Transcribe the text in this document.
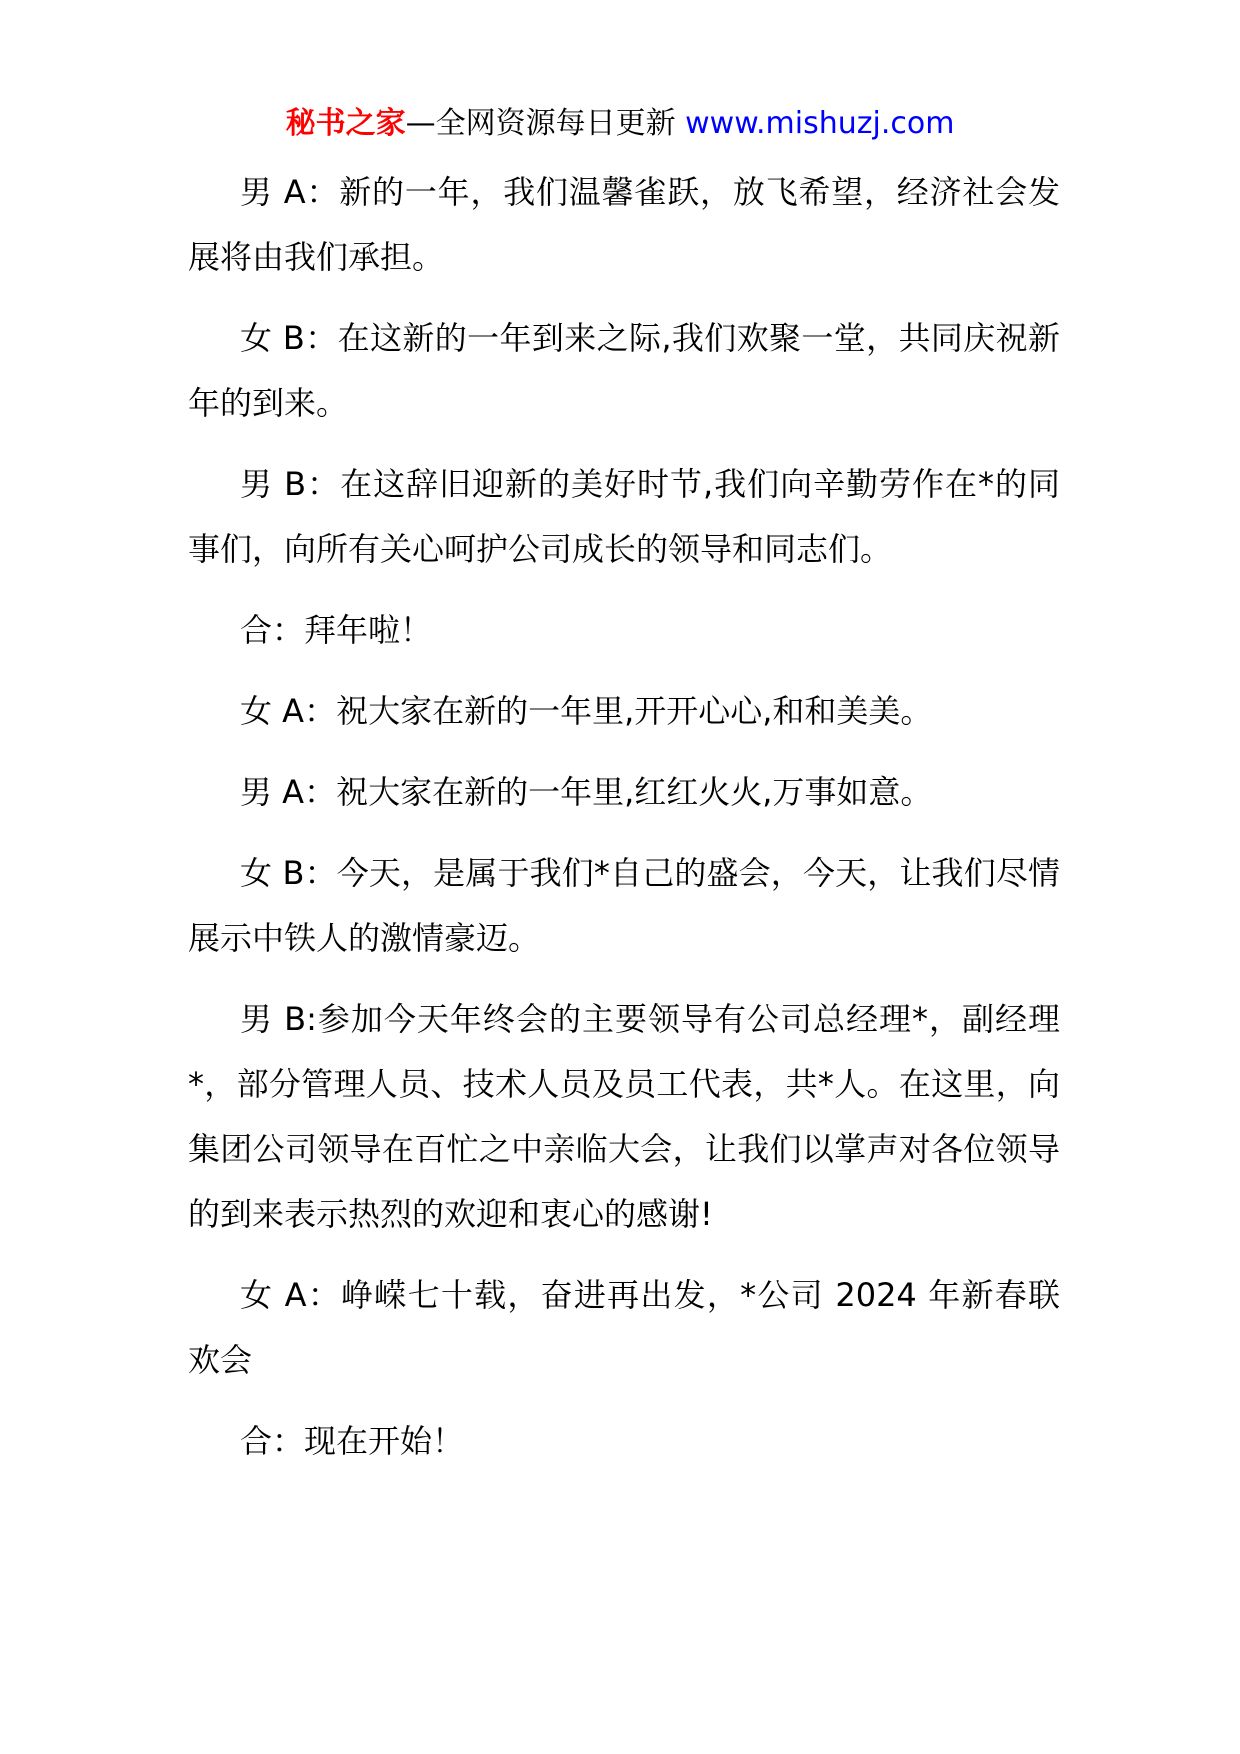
秘书之家—全网资源每日更新 www.mishuzj.com

男 A：新的一年，我们温馨雀跃，放飞希望，经济社会发展将由我们承担。

女 B：在这新的一年到来之际,我们欢聚一堂，共同庆祝新年的到来。

男 B：在这辞旧迎新的美好时节,我们向辛勤劳作在*的同事们，向所有关心呵护公司成长的领导和同志们。

合：拜年啦！

女 A：祝大家在新的一年里,开开心心,和和美美。

男 A：祝大家在新的一年里,红红火火,万事如意。

女 B：今天，是属于我们*自己的盛会，今天，让我们尽情展示中铁人的激情豪迈。

男 B:参加今天年终会的主要领导有公司总经理*，副经理*，部分管理人员、技术人员及员工代表，共*人。在这里，向集团公司领导在百忙之中亲临大会，让我们以掌声对各位领导的到来表示热烈的欢迎和衷心的感谢!

女 A：峥嵘七十载，奋进再出发，*公司 2024 年新春联欢会

合：现在开始！
